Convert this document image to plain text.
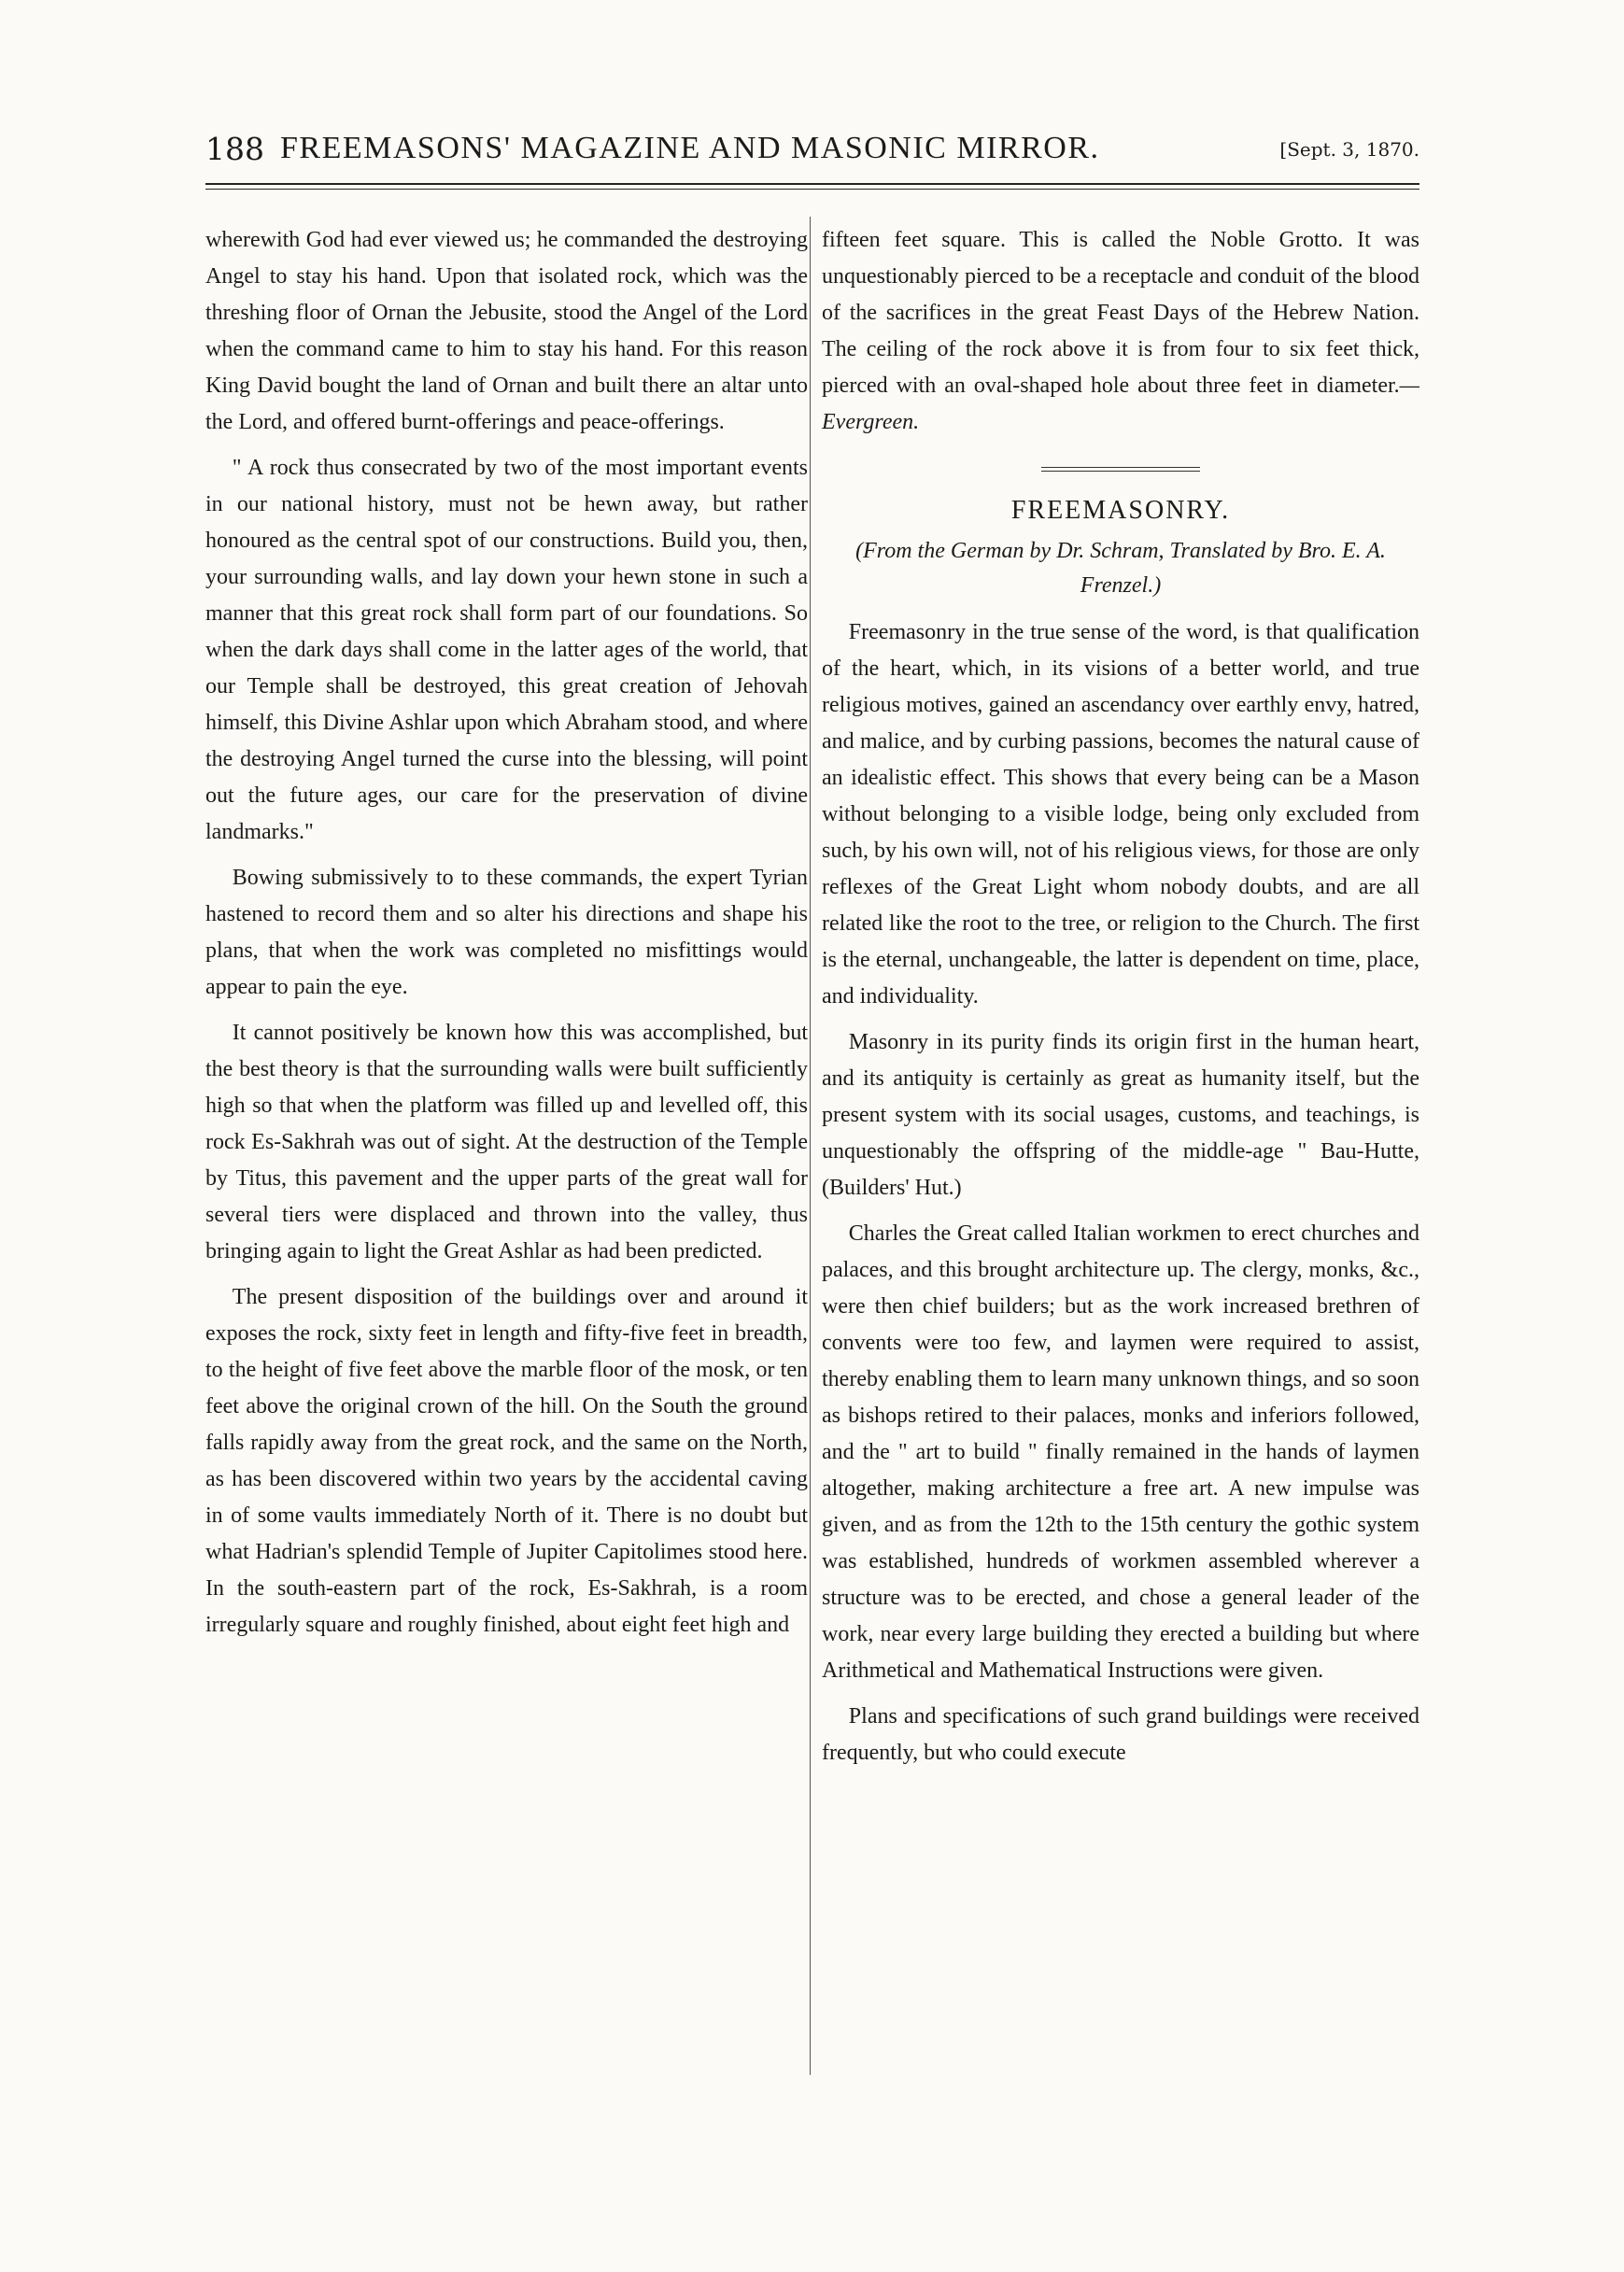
188 FREEMASONS' MAGAZINE AND MASONIC MIRROR.	[Sept. 3, 1870.

wherewith God had ever viewed us; he commanded the destroying Angel to stay his hand. Upon that isolated rock, which was the threshing floor of Ornan the Jebusite, stood the Angel of the Lord when the command came to him to stay his hand. For this reason King David bought the land of Ornan and built there an altar unto the Lord, and offered burnt-offerings and peace-offerings.

" A rock thus consecrated by two of the most important events in our national history, must not be hewn away, but rather honoured as the central spot of our constructions. Build you, then, your surrounding walls, and lay down your hewn stone in such a manner that this great rock shall form part of our foundations. So when the dark days shall come in the latter ages of the world, that our Temple shall be destroyed, this great creation of Jehovah himself, this Divine Ashlar upon which Abraham stood, and where the destroying Angel turned the curse into the blessing, will point out the future ages, our care for the preservation of divine landmarks."

Bowing submissively to to these commands, the expert Tyrian hastened to record them and so alter his directions and shape his plans, that when the work was completed no misfittings would appear to pain the eye.

It cannot positively be known how this was accomplished, but the best theory is that the surrounding walls were built sufficiently high so that when the platform was filled up and levelled off, this rock Es-Sakhrah was out of sight. At the destruction of the Temple by Titus, this pavement and the upper parts of the great wall for several tiers were displaced and thrown into the valley, thus bringing again to light the Great Ashlar as had been predicted.

The present disposition of the buildings over and around it exposes the rock, sixty feet in length and fifty-five feet in breadth, to the height of five feet above the marble floor of the mosk, or ten feet above the original crown of the hill. On the South the ground falls rapidly away from the great rock, and the same on the North, as has been discovered within two years by the accidental caving in of some vaults immediately North of it. There is no doubt but what Hadrian's splendid Temple of Jupiter Capitolimes stood here. In the south-eastern part of the rock, Es-Sakhrah, is a room irregularly square and roughly finished, about eight feet high and

fifteen feet square. This is called the Noble Grotto. It was unquestionably pierced to be a receptacle and conduit of the blood of the sacrifices in the great Feast Days of the Hebrew Nation. The ceiling of the rock above it is from four to six feet thick, pierced with an oval-shaped hole about three feet in diameter.—Evergreen.

FREEMASONRY.
(From the German by Dr. Schram, Translated by Bro. E. A. Frenzel.)

Freemasonry in the true sense of the word, is that qualification of the heart, which, in its visions of a better world, and true religious motives, gained an ascendancy over earthly envy, hatred, and malice, and by curbing passions, becomes the natural cause of an idealistic effect. This shows that every being can be a Mason without belonging to a visible lodge, being only excluded from such, by his own will, not of his religious views, for those are only reflexes of the Great Light whom nobody doubts, and are all related like the root to the tree, or religion to the Church. The first is the eternal, unchangeable, the latter is dependent on time, place, and individuality.

Masonry in its purity finds its origin first in the human heart, and its antiquity is certainly as great as humanity itself, but the present system with its social usages, customs, and teachings, is unquestionably the offspring of the middle-age " Bau-Hutte, (Builders' Hut.)

Charles the Great called Italian workmen to erect churches and palaces, and this brought architecture up. The clergy, monks, &c., were then chief builders; but as the work increased brethren of convents were too few, and laymen were required to assist, thereby enabling them to learn many unknown things, and so soon as bishops retired to their palaces, monks and inferiors followed, and the " art to build " finally remained in the hands of laymen altogether, making architecture a free art. A new impulse was given, and as from the 12th to the 15th century the gothic system was established, hundreds of workmen assembled wherever a structure was to be erected, and chose a general leader of the work, near every large building they erected a building but where Arithmetical and Mathematical Instructions were given.

Plans and specifications of such grand buildings were received frequently, but who could execute
